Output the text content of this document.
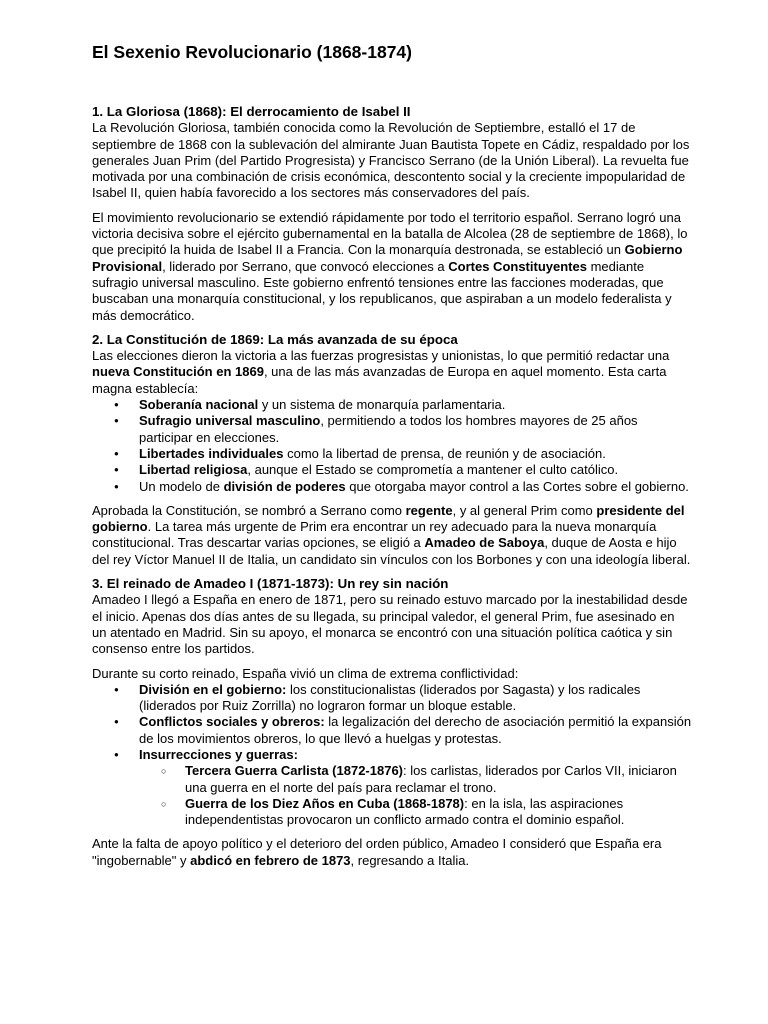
El Sexenio Revolucionario (1868-1874)
1. La Gloriosa (1868): El derrocamiento de Isabel II

La Revolución Gloriosa, también conocida como la Revolución de Septiembre, estalló el 17 de septiembre de 1868 con la sublevación del almirante Juan Bautista Topete en Cádiz, respaldado por los generales Juan Prim (del Partido Progresista) y Francisco Serrano (de la Unión Liberal). La revuelta fue motivada por una combinación de crisis económica, descontento social y la creciente impopularidad de Isabel II, quien había favorecido a los sectores más conservadores del país.

El movimiento revolucionario se extendió rápidamente por todo el territorio español. Serrano logró una victoria decisiva sobre el ejército gubernamental en la batalla de Alcolea (28 de septiembre de 1868), lo que precipitó la huida de Isabel II a Francia. Con la monarquía destronada, se estableció un Gobierno Provisional, liderado por Serrano, que convocó elecciones a Cortes Constituyentes mediante sufragio universal masculino. Este gobierno enfrentó tensiones entre las facciones moderadas, que buscaban una monarquía constitucional, y los republicanos, que aspiraban a un modelo federalista y más democrático.

2. La Constitución de 1869: La más avanzada de su época

Las elecciones dieron la victoria a las fuerzas progresistas y unionistas, lo que permitió redactar una nueva Constitución en 1869, una de las más avanzadas de Europa en aquel momento. Esta carta magna establecía:

● Soberanía nacional y un sistema de monarquía parlamentaria.
● Sufragio universal masculino, permitiendo a todos los hombres mayores de 25 años participar en elecciones.
● Libertades individuales como la libertad de prensa, de reunión y de asociación.
● Libertad religiosa, aunque el Estado se comprometía a mantener el culto católico.
● Un modelo de división de poderes que otorgaba mayor control a las Cortes sobre el gobierno.

Aprobada la Constitución, se nombró a Serrano como regente, y al general Prim como presidente del gobierno. La tarea más urgente de Prim era encontrar un rey adecuado para la nueva monarquía constitucional. Tras descartar varias opciones, se eligió a Amadeo de Saboya, duque de Aosta e hijo del rey Víctor Manuel II de Italia, un candidato sin vínculos con los Borbones y con una ideología liberal.

3. El reinado de Amadeo I (1871-1873): Un rey sin nación

Amadeo I llegó a España en enero de 1871, pero su reinado estuvo marcado por la inestabilidad desde el inicio. Apenas dos días antes de su llegada, su principal valedor, el general Prim, fue asesinado en un atentado en Madrid. Sin su apoyo, el monarca se encontró con una situación política caótica y sin consenso entre los partidos.

Durante su corto reinado, España vivió un clima de extrema conflictividad:

● División en el gobierno: los constitucionalistas (liderados por Sagasta) y los radicales (liderados por Ruiz Zorrilla) no lograron formar un bloque estable.
● Conflictos sociales y obreros: la legalización del derecho de asociación permitió la expansión de los movimientos obreros, lo que llevó a huelgas y protestas.
● Insurrecciones y guerras:
○ Tercera Guerra Carlista (1872-1876): los carlistas, liderados por Carlos VII, iniciaron una guerra en el norte del país para reclamar el trono.
○ Guerra de los Diez Años en Cuba (1868-1878): en la isla, las aspiraciones independentistas provocaron un conflicto armado contra el dominio español.

Ante la falta de apoyo político y el deterioro del orden público, Amadeo I consideró que España era "ingobernable" y abdicó en febrero de 1873, regresando a Italia.
